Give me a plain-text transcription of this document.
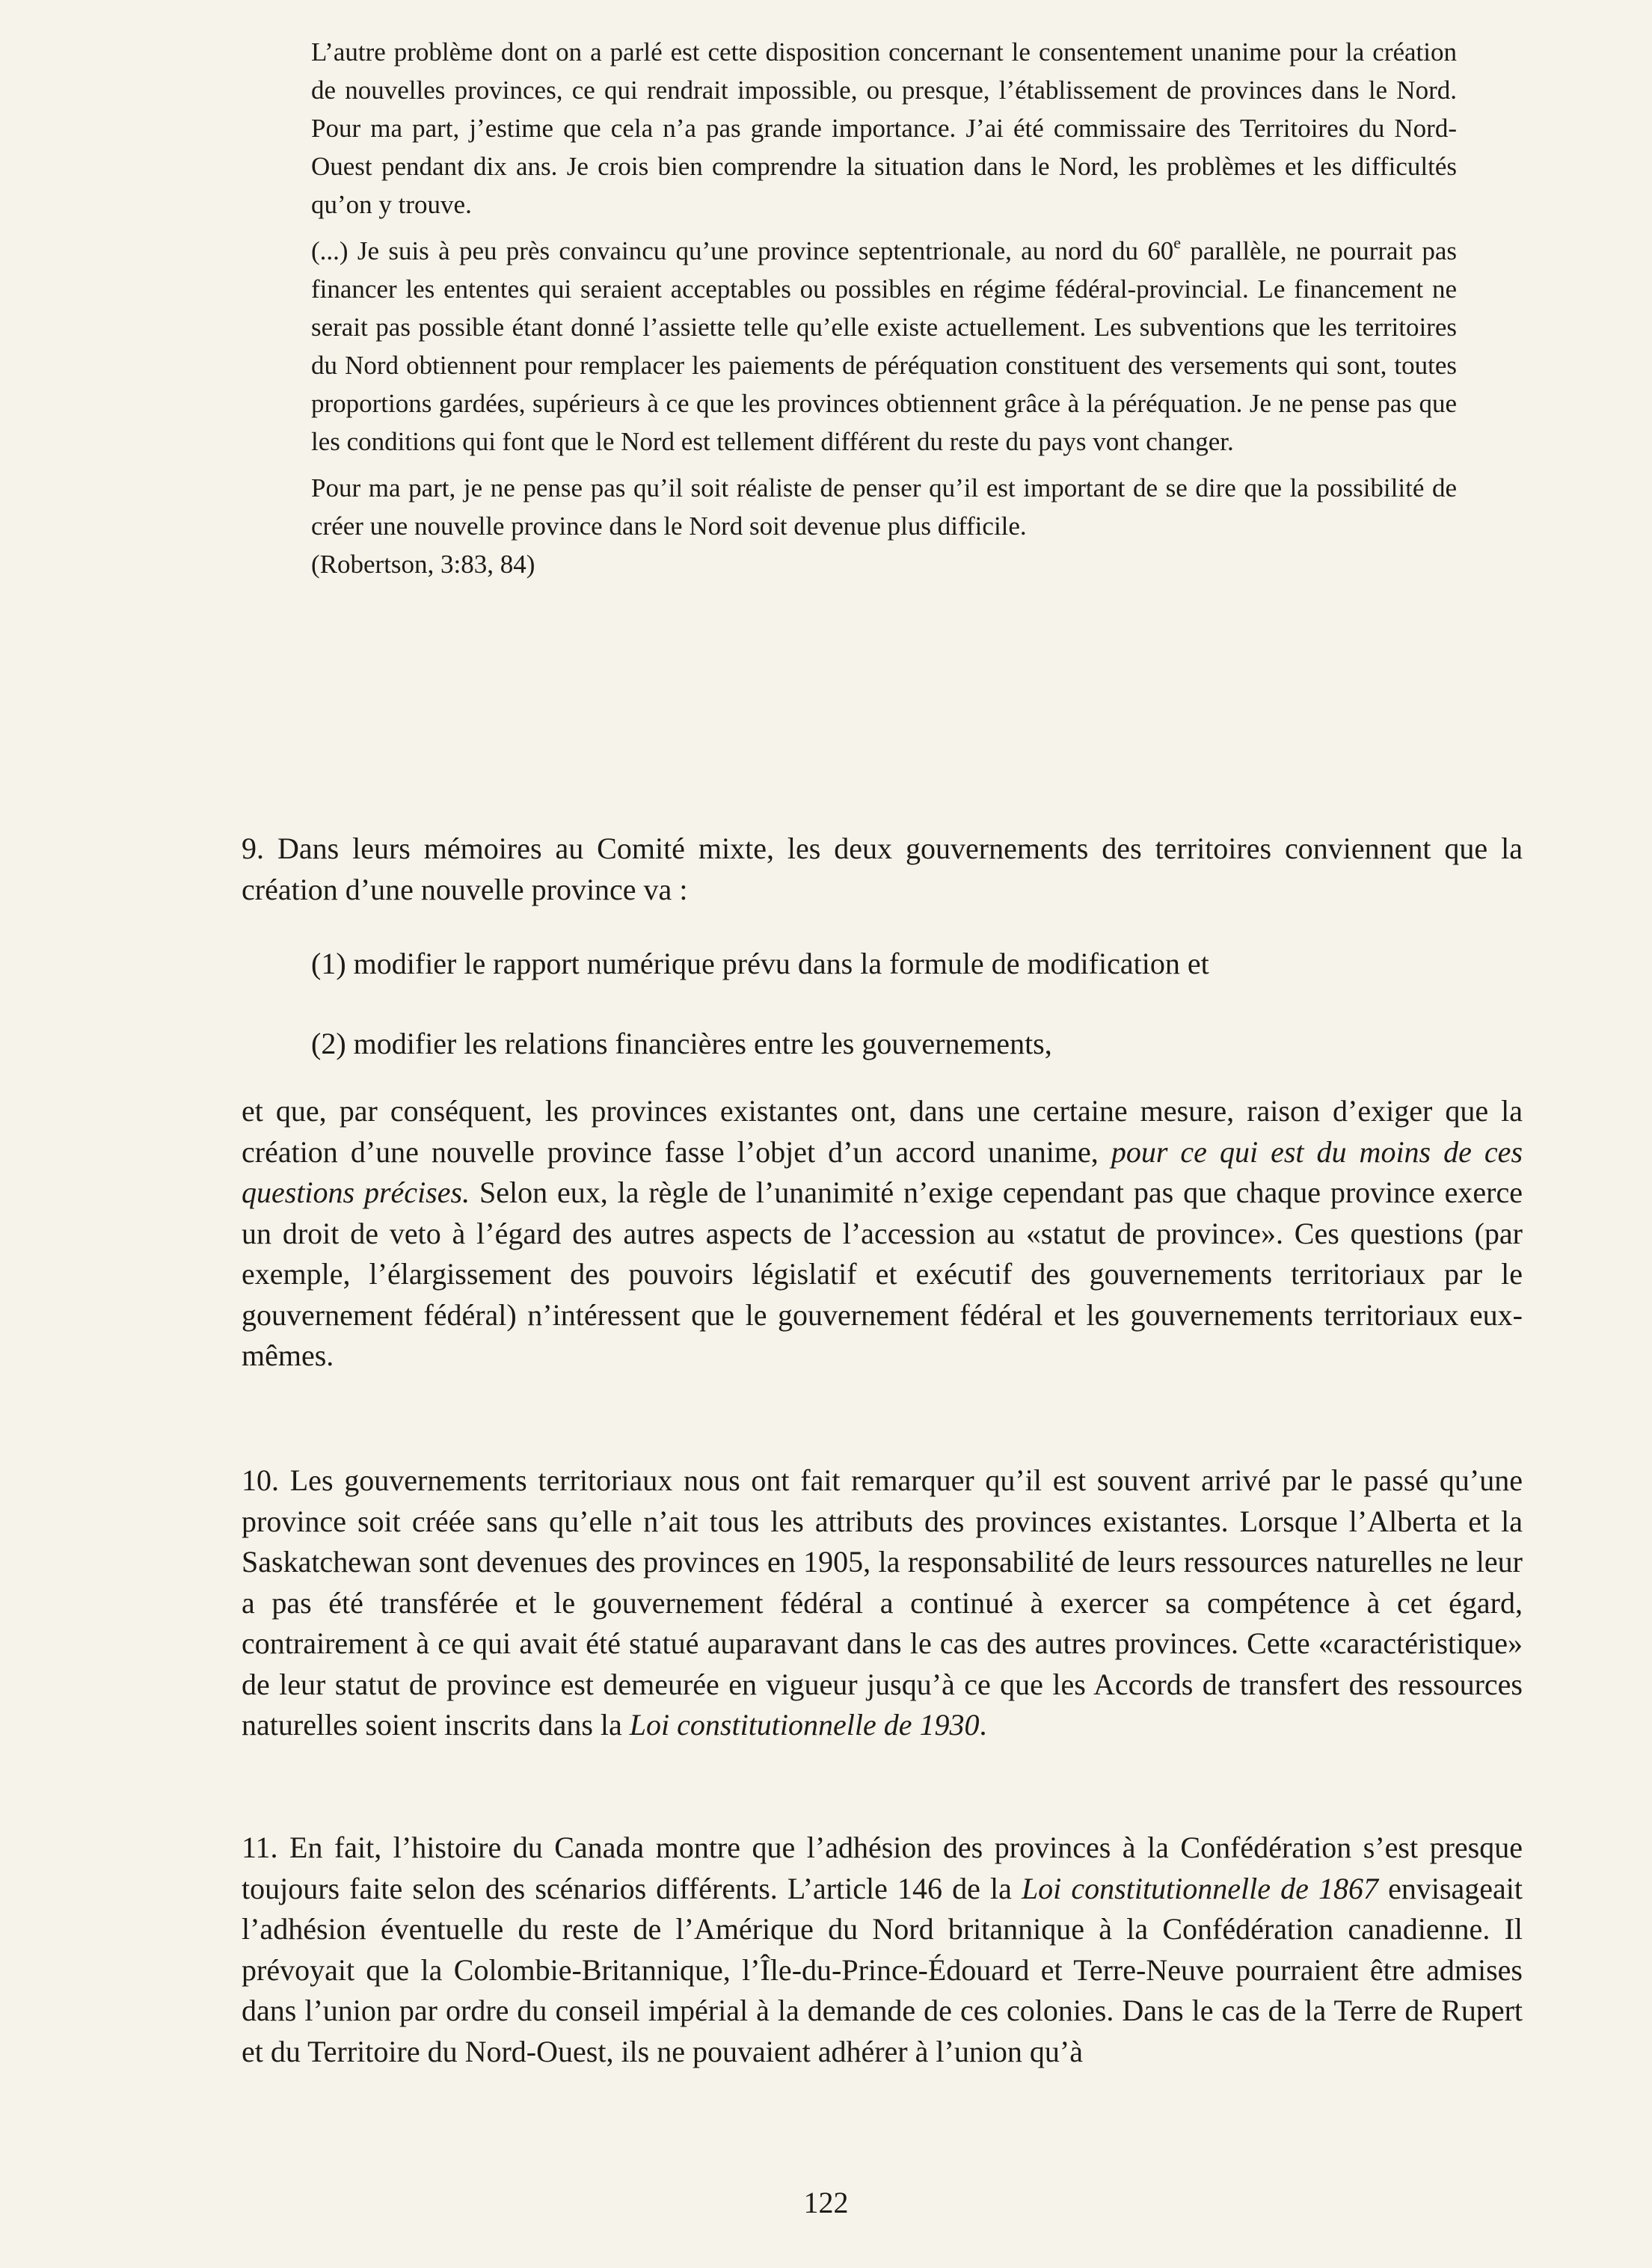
L’autre problème dont on a parlé est cette disposition concernant le consentement unanime pour la création de nouvelles provinces, ce qui rendrait impossible, ou presque, l’établissement de provinces dans le Nord. Pour ma part, j’estime que cela n’a pas grande importance. J’ai été commissaire des Territoires du Nord-Ouest pendant dix ans. Je crois bien comprendre la situation dans le Nord, les problèmes et les difficultés qu’on y trouve.

(...) Je suis à peu près convaincu qu’une province septentrionale, au nord du 60e parallèle, ne pourrait pas financer les ententes qui seraient acceptables ou possibles en régime fédéral-provincial. Le financement ne serait pas possible étant donné l’assiette telle qu’elle existe actuellement. Les subventions que les territoires du Nord obtiennent pour remplacer les paiements de péréquation constituent des versements qui sont, toutes proportions gardées, supérieurs à ce que les provinces obtiennent grâce à la péréquation. Je ne pense pas que les conditions qui font que le Nord est tellement différent du reste du pays vont changer.

Pour ma part, je ne pense pas qu’il soit réaliste de penser qu’il est important de se dire que la possibilité de créer une nouvelle province dans le Nord soit devenue plus difficile.

(Robertson, 3:83, 84)

9. Dans leurs mémoires au Comité mixte, les deux gouvernements des territoires conviennent que la création d’une nouvelle province va :

(1) modifier le rapport numérique prévu dans la formule de modification et
(2) modifier les relations financières entre les gouvernements,

et que, par conséquent, les provinces existantes ont, dans une certaine mesure, raison d’exiger que la création d’une nouvelle province fasse l’objet d’un accord unanime, pour ce qui est du moins de ces questions précises. Selon eux, la règle de l’unanimité n’exige cependant pas que chaque province exerce un droit de veto à l’égard des autres aspects de l’accession au «statut de province». Ces questions (par exemple, l’élargissement des pouvoirs législatif et exécutif des gouvernements territoriaux par le gouvernement fédéral) n’intéressent que le gouvernement fédéral et les gouvernements territoriaux eux-mêmes.

10. Les gouvernements territoriaux nous ont fait remarquer qu’il est souvent arrivé par le passé qu’une province soit créée sans qu’elle n’ait tous les attributs des provinces existantes. Lorsque l’Alberta et la Saskatchewan sont devenues des provinces en 1905, la responsabilité de leurs ressources naturelles ne leur a pas été transférée et le gouvernement fédéral a continué à exercer sa compétence à cet égard, contrairement à ce qui avait été statué auparavant dans le cas des autres provinces. Cette «caractéristique» de leur statut de province est demeurée en vigueur jusqu’à ce que les Accords de transfert des ressources naturelles soient inscrits dans la Loi constitutionnelle de 1930.

11. En fait, l’histoire du Canada montre que l’adhésion des provinces à la Confédération s’est presque toujours faite selon des scénarios différents. L’article 146 de la Loi constitutionnelle de 1867 envisageait l’adhésion éventuelle du reste de l’Amérique du Nord britannique à la Confédération canadienne. Il prévoyait que la Colombie-Britannique, l’Île-du-Prince-Édouard et Terre-Neuve pourraient être admises dans l’union par ordre du conseil impérial à la demande de ces colonies. Dans le cas de la Terre de Rupert et du Territoire du Nord-Ouest, ils ne pouvaient adhérer à l’union qu’à

122
